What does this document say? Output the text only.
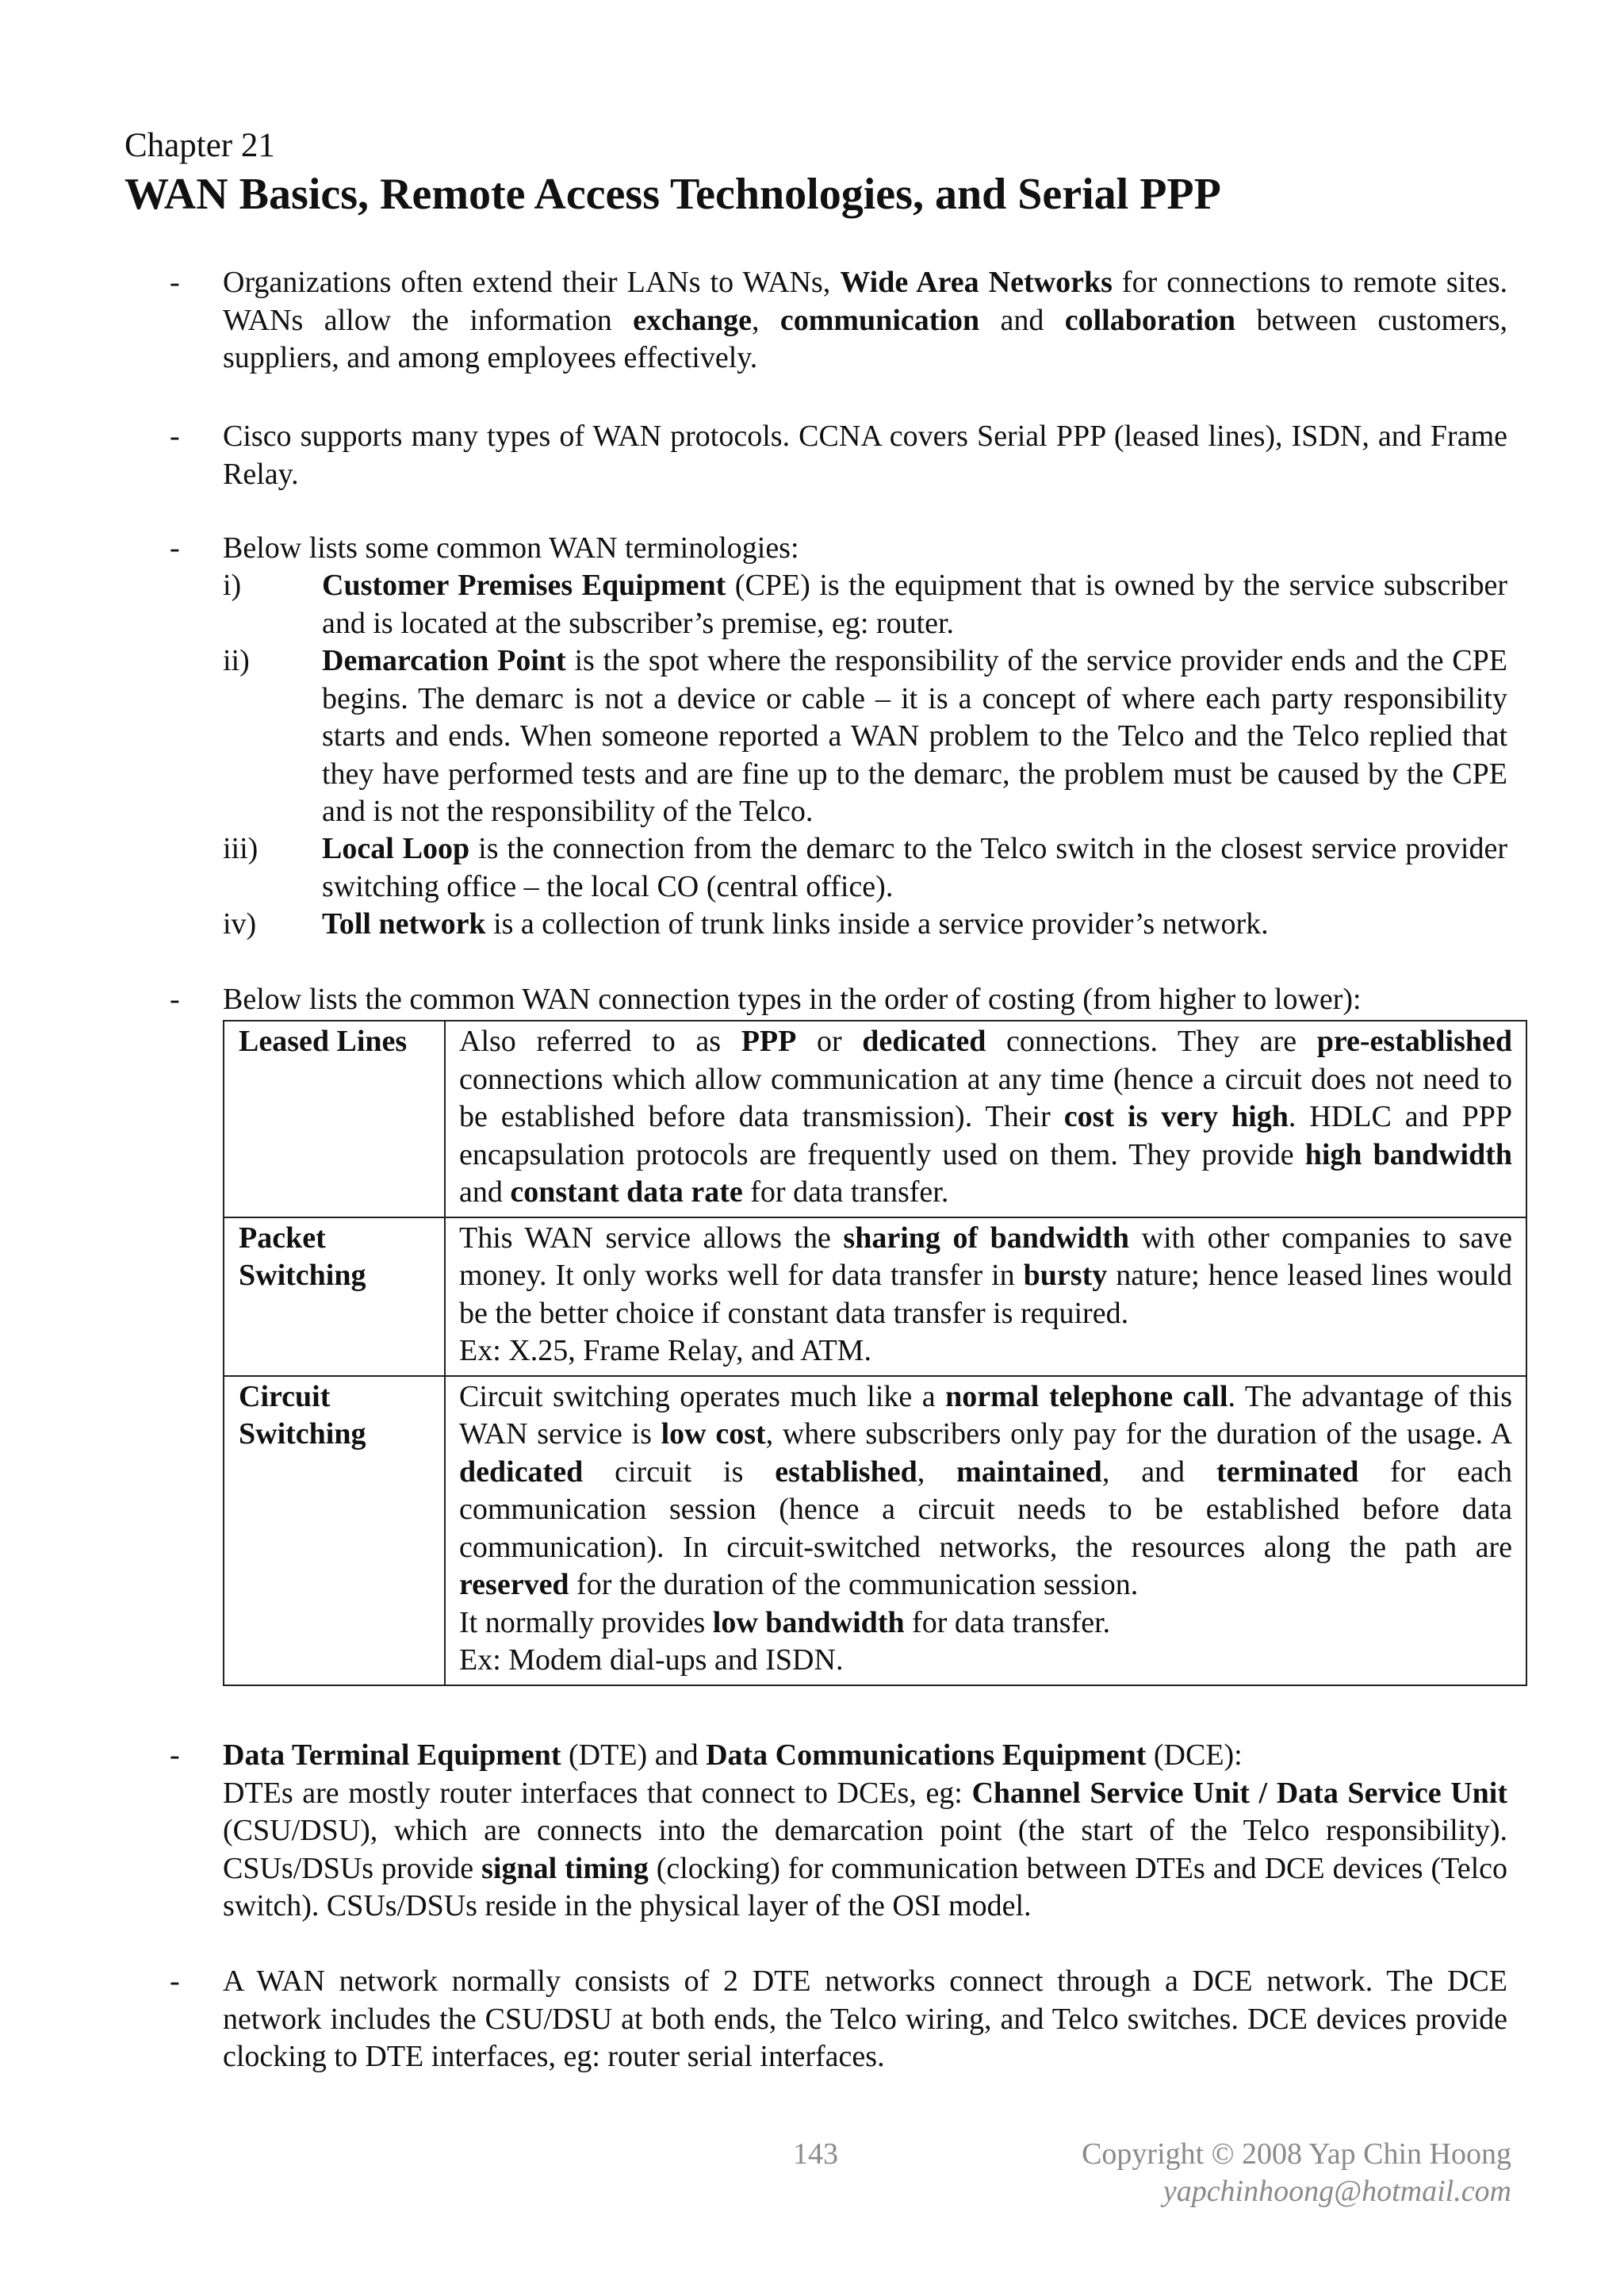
Chapter 21
WAN Basics, Remote Access Technologies, and Serial PPP
- Organizations often extend their LANs to WANs, Wide Area Networks for connections to remote sites. WANs allow the information exchange, communication and collaboration between customers, suppliers, and among employees effectively.
- Cisco supports many types of WAN protocols. CCNA covers Serial PPP (leased lines), ISDN, and Frame Relay.
- Below lists some common WAN terminologies:
i)	Customer Premises Equipment (CPE) is the equipment that is owned by the service subscriber and is located at the subscriber’s premise, eg: router.
ii) Demarcation Point is the spot where the responsibility of the service provider ends and the CPE begins. The demarc is not a device or cable – it is a concept of where each party responsibility starts and ends. When someone reported a WAN problem to the Telco and the Telco replied that they have performed tests and are fine up to the demarc, the problem must be caused by the CPE and is not the responsibility of the Telco.
iii) Local Loop is the connection from the demarc to the Telco switch in the closest service provider switching office – the local CO (central office).
iv) Toll network is a collection of trunk links inside a service provider’s network.
- Below lists the common WAN connection types in the order of costing (from higher to lower):
Leased Lines	Also referred to as PPP or dedicated connections. They are pre-established connections which allow communication at any time (hence a circuit does not need to be established before data transmission). Their cost is very high. HDLC and PPP encapsulation protocols are frequently used on them. They provide high bandwidth and constant data rate for data transfer.
Packet
Switching	This WAN service allows the sharing of bandwidth with other companies to save money. It only works well for data transfer in bursty nature; hence leased lines would be the better choice if constant data transfer is required.
Ex: X.25, Frame Relay, and ATM.
Circuit
Switching	Circuit switching operates much like a normal telephone call. The advantage of this WAN service is low cost, where subscribers only pay for the duration of the usage. A dedicated circuit is established, maintained, and terminated for each communication session (hence a circuit needs to be established before data communication). In circuit-switched networks, the resources along the path are reserved for the duration of the communication session.
It normally provides low bandwidth for data transfer.
Ex: Modem dial-ups and ISDN.
- Data Terminal Equipment (DTE) and Data Communications Equipment (DCE):
DTEs are mostly router interfaces that connect to DCEs, eg: Channel Service Unit / Data Service Unit (CSU/DSU), which are connects into the demarcation point (the start of the Telco responsibility). CSUs/DSUs provide signal timing (clocking) for communication between DTEs and DCE devices (Telco switch). CSUs/DSUs reside in the physical layer of the OSI model.
- A WAN network normally consists of 2 DTE networks connect through a DCE network. The DCE network includes the CSU/DSU at both ends, the Telco wiring, and Telco switches. DCE devices provide clocking to DTE interfaces, eg: router serial interfaces.
143	Copyright © 2008 Yap Chin Hoong
yapchinhoong@hotmail.com
